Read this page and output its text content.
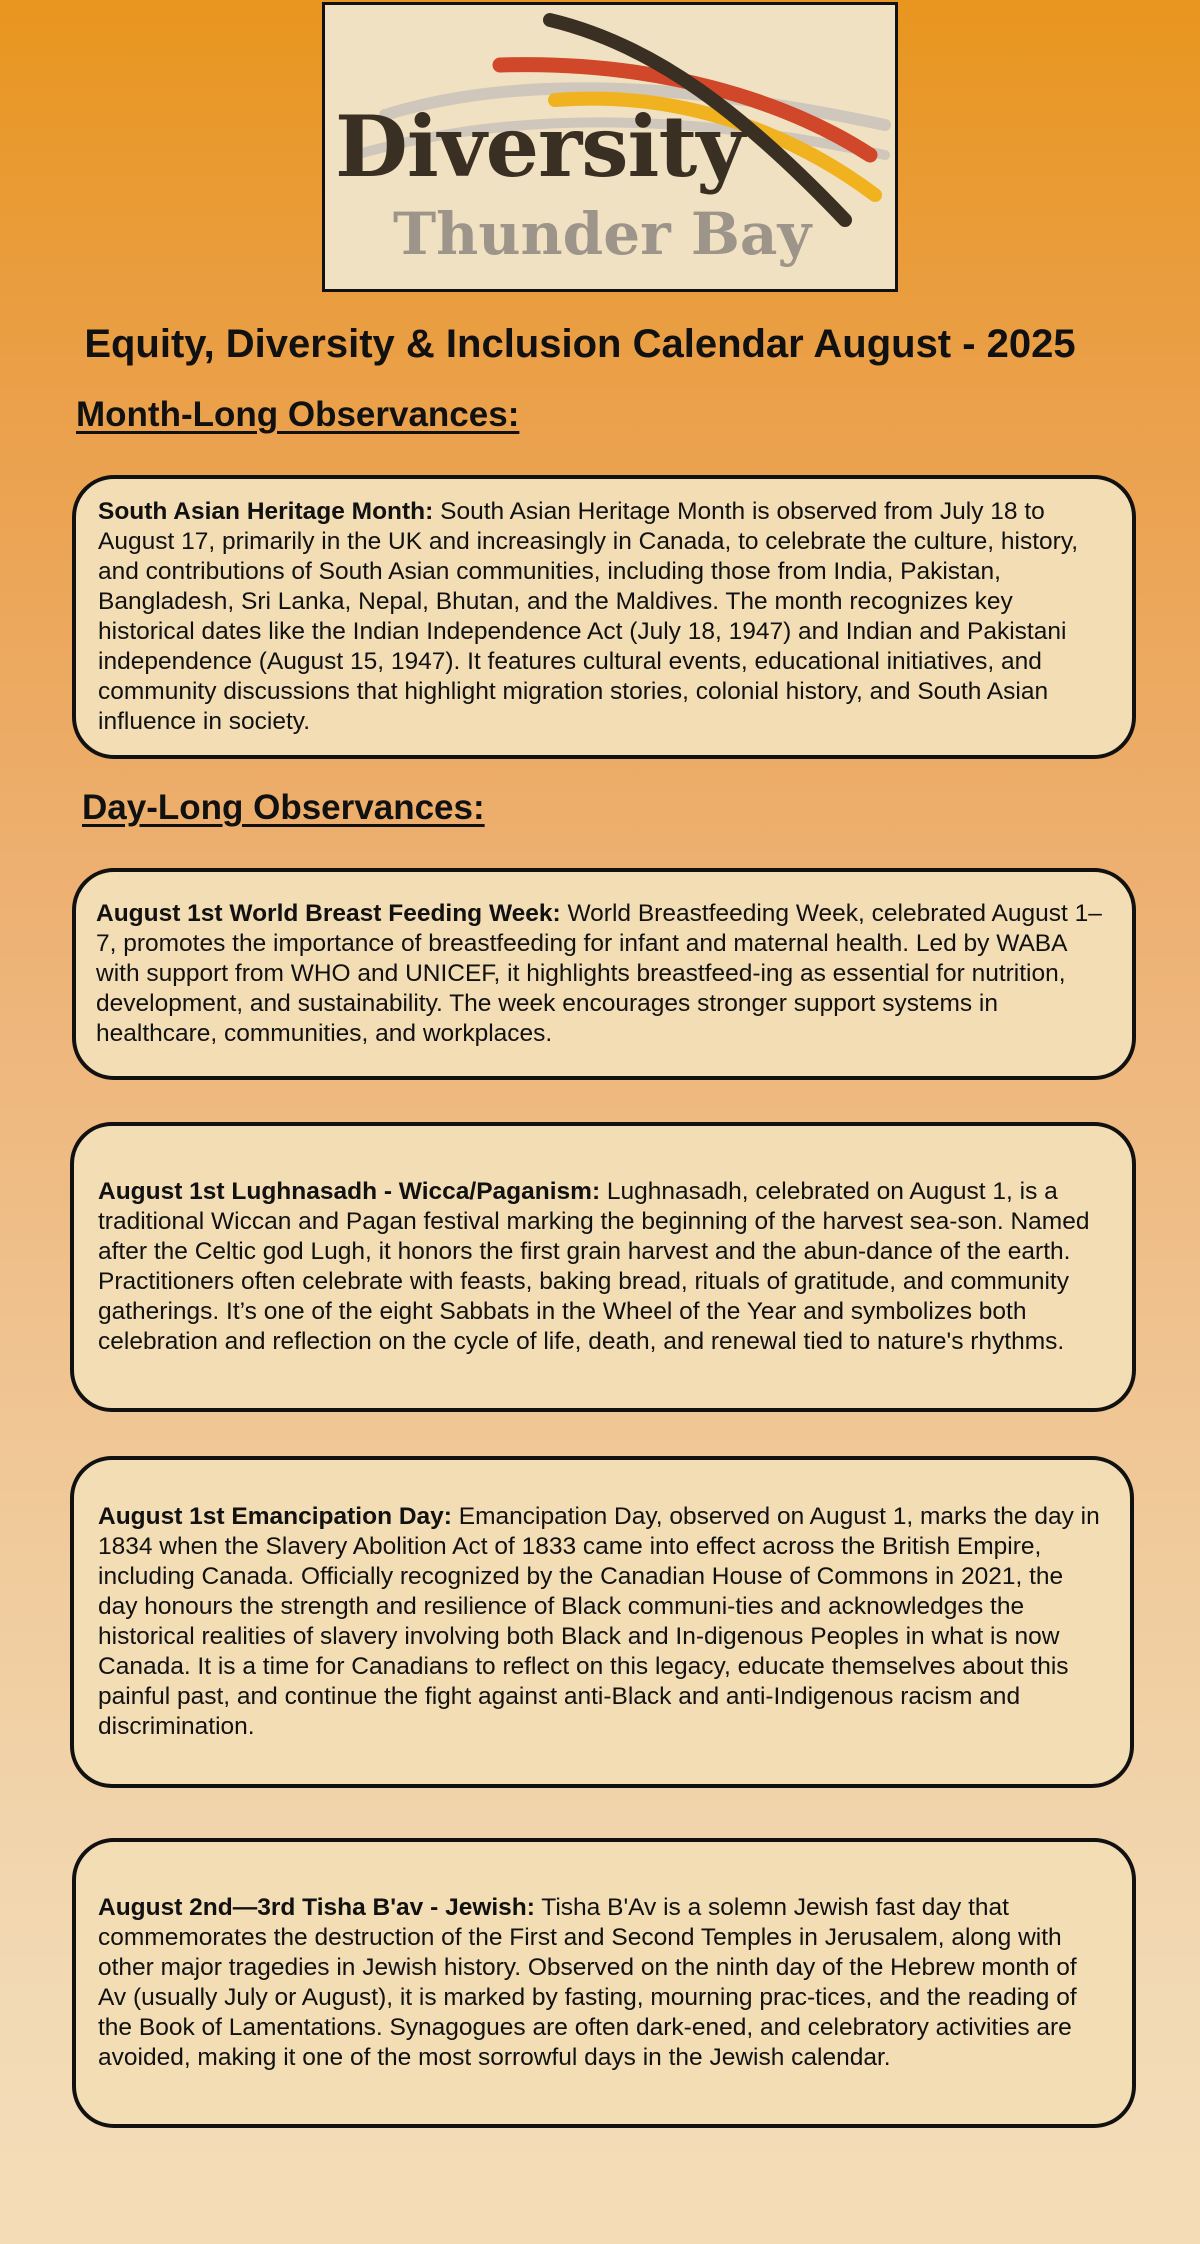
Diversity
Thunder Bay
Equity, Diversity & Inclusion Calendar August - 2025
Month-Long Observances:

South Asian Heritage Month: South Asian Heritage Month is observed from July 18 to August 17, primarily in the UK and increasingly in Canada, to celebrate the culture, history, and contributions of South Asian communities, including those from India, Pakistan, Bangladesh, Sri Lanka, Nepal, Bhutan, and the Maldives. The month recognizes key historical dates like the Indian Independence Act (July 18, 1947) and Indian and Pakistani independence (August 15, 1947). It features cultural events, educational initiatives, and community discussions that highlight migration stories, colonial history, and South Asian influence in society.

Day-Long Observances:

August 1st World Breast Feeding Week: World Breastfeeding Week, celebrated August 1–7, promotes the importance of breastfeeding for infant and maternal health. Led by WABA with support from WHO and UNICEF, it highlights breastfeed-ing as essential for nutrition, development, and sustainability. The week encourages stronger support systems in healthcare, communities, and workplaces.

August 1st Lughnasadh - Wicca/Paganism: Lughnasadh, celebrated on August 1, is a traditional Wiccan and Pagan festival marking the beginning of the harvest sea-son. Named after the Celtic god Lugh, it honors the first grain harvest and the abun-dance of the earth. Practitioners often celebrate with feasts, baking bread, rituals of gratitude, and community gatherings. It’s one of the eight Sabbats in the Wheel of the Year and symbolizes both celebration and reflection on the cycle of life, death, and renewal tied to nature's rhythms.

August 1st Emancipation Day: Emancipation Day, observed on August 1, marks the day in 1834 when the Slavery Abolition Act of 1833 came into effect across the British Empire, including Canada. Officially recognized by the Canadian House of Commons in 2021, the day honours the strength and resilience of Black communi-ties and acknowledges the historical realities of slavery involving both Black and In-digenous Peoples in what is now Canada. It is a time for Canadians to reflect on this legacy, educate themselves about this painful past, and continue the fight against anti-Black and anti-Indigenous racism and discrimination.

August 2nd—3rd Tisha B'av - Jewish: Tisha B'Av is a solemn Jewish fast day that commemorates the destruction of the First and Second Temples in Jerusalem, along with other major tragedies in Jewish history. Observed on the ninth day of the Hebrew month of Av (usually July or August), it is marked by fasting, mourning prac-tices, and the reading of the Book of Lamentations. Synagogues are often dark-ened, and celebratory activities are avoided, making it one of the most sorrowful days in the Jewish calendar.
